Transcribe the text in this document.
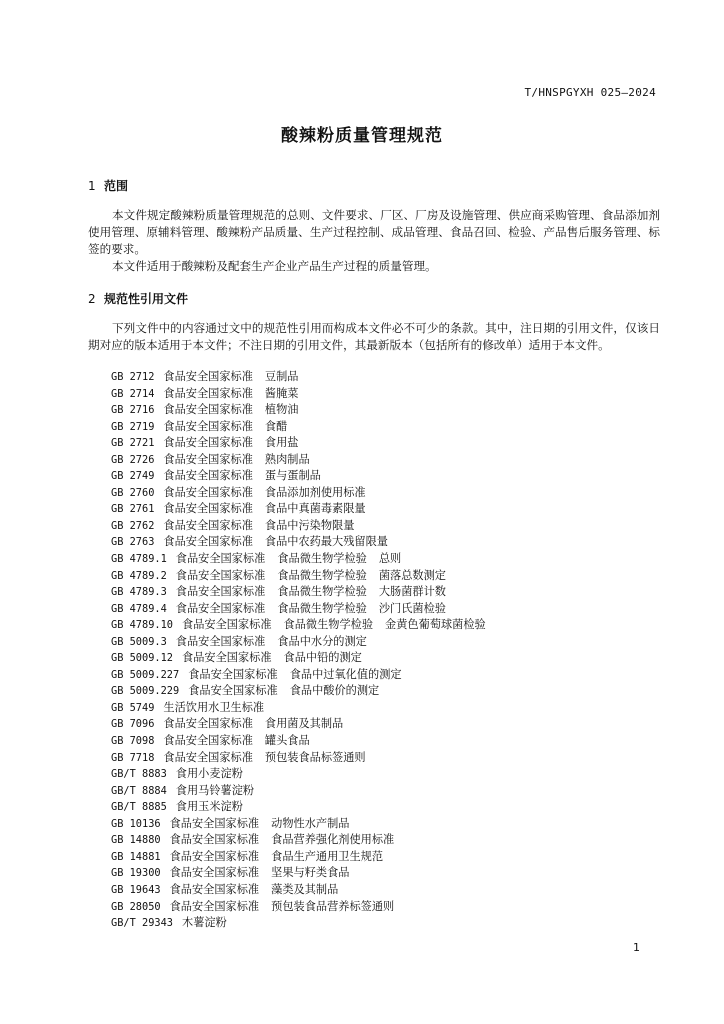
T/HNSPGYXH 025—2024
酸辣粉质量管理规范
1 范围
本文件规定酸辣粉质量管理规范的总则、文件要求、厂区、厂房及设施管理、供应商采购管理、食品添加剂使用管理、原辅料管理、酸辣粉产品质量、生产过程控制、成品管理、食品召回、检验、产品售后服务管理、标签的要求。
本文件适用于酸辣粉及配套生产企业产品生产过程的质量管理。
2 规范性引用文件
下列文件中的内容通过文中的规范性引用而构成本文件必不可少的条款。其中，注日期的引用文件，仅该日期对应的版本适用于本文件；不注日期的引用文件，其最新版本（包括所有的修改单）适用于本文件。
GB 2712 食品安全国家标准 豆制品
GB 2714 食品安全国家标准 酱腌菜
GB 2716 食品安全国家标准 植物油
GB 2719 食品安全国家标准 食醋
GB 2721 食品安全国家标准 食用盐
GB 2726 食品安全国家标准 熟肉制品
GB 2749 食品安全国家标准 蛋与蛋制品
GB 2760 食品安全国家标准 食品添加剂使用标准
GB 2761 食品安全国家标准 食品中真菌毒素限量
GB 2762 食品安全国家标准 食品中污染物限量
GB 2763 食品安全国家标准 食品中农药最大残留限量
GB 4789.1 食品安全国家标准 食品微生物学检验 总则
GB 4789.2 食品安全国家标准 食品微生物学检验 菌落总数测定
GB 4789.3 食品安全国家标准 食品微生物学检验 大肠菌群计数
GB 4789.4 食品安全国家标准 食品微生物学检验 沙门氏菌检验
GB 4789.10 食品安全国家标准 食品微生物学检验 金黄色葡萄球菌检验
GB 5009.3 食品安全国家标准 食品中水分的测定
GB 5009.12 食品安全国家标准 食品中铅的测定
GB 5009.227 食品安全国家标准 食品中过氧化值的测定
GB 5009.229 食品安全国家标准 食品中酸价的测定
GB 5749 生活饮用水卫生标准
GB 7096 食品安全国家标准 食用菌及其制品
GB 7098 食品安全国家标准 罐头食品
GB 7718 食品安全国家标准 预包装食品标签通则
GB/T 8883 食用小麦淀粉
GB/T 8884 食用马铃薯淀粉
GB/T 8885 食用玉米淀粉
GB 10136 食品安全国家标准 动物性水产制品
GB 14880 食品安全国家标准 食品营养强化剂使用标准
GB 14881 食品安全国家标准 食品生产通用卫生规范
GB 19300 食品安全国家标准 坚果与籽类食品
GB 19643 食品安全国家标准 藻类及其制品
GB 28050 食品安全国家标准 预包装食品营养标签通则
GB/T 29343 木薯淀粉
1
